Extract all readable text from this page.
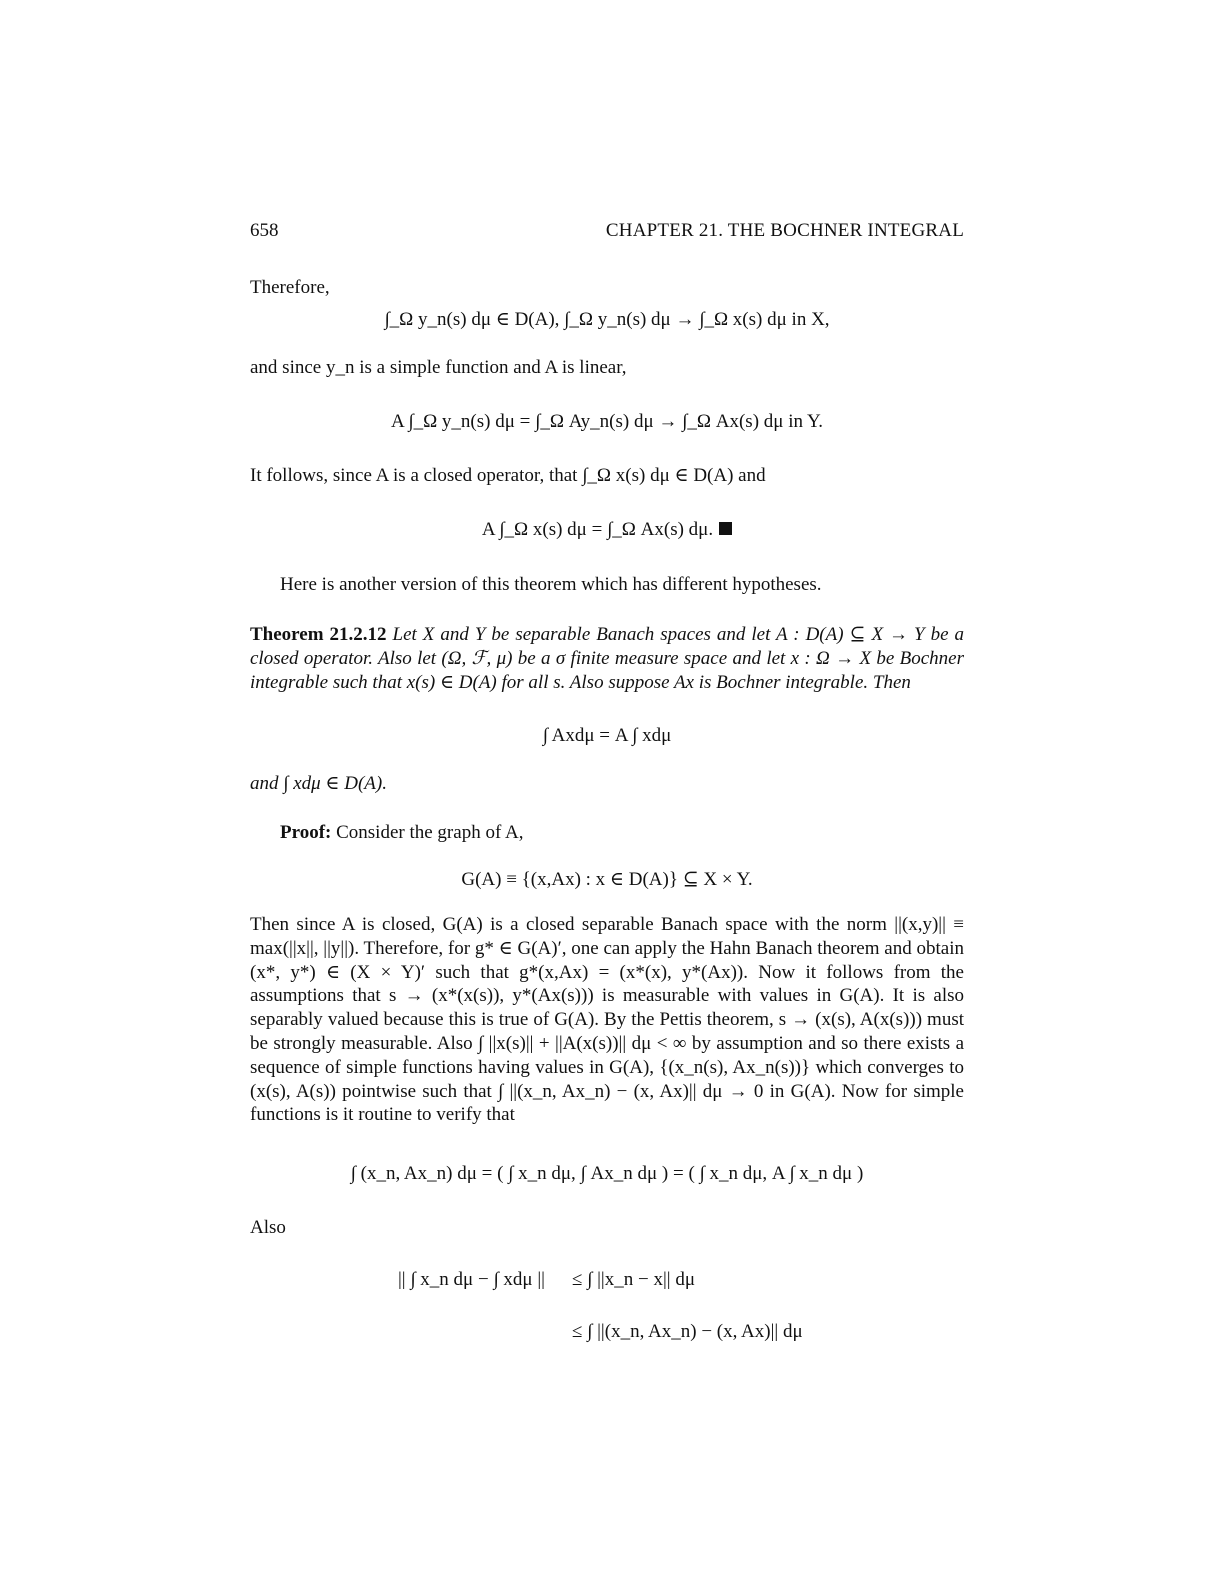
658	CHAPTER 21. THE BOCHNER INTEGRAL
Therefore,
∫_Ω y_n(s) dμ ∈ D(A), ∫_Ω y_n(s) dμ → ∫_Ω x(s) dμ in X,
and since y_n is a simple function and A is linear,
A ∫_Ω y_n(s) dμ = ∫_Ω Ay_n(s) dμ → ∫_Ω Ax(s) dμ in Y.
It follows, since A is a closed operator, that ∫_Ω x(s) dμ ∈ D(A) and
A ∫_Ω x(s) dμ = ∫_Ω Ax(s) dμ.
Here is another version of this theorem which has different hypotheses.
Theorem 21.2.12 Let X and Y be separable Banach spaces and let A : D(A) ⊆ X → Y be a closed operator. Also let (Ω, ℱ, μ) be a σ finite measure space and let x : Ω → X be Bochner integrable such that x(s) ∈ D(A) for all s. Also suppose Ax is Bochner integrable. Then
∫ Axdμ = A ∫ xdμ
and ∫ xdμ ∈ D(A).
Proof: Consider the graph of A,
G(A) ≡ {(x,Ax) : x ∈ D(A)} ⊆ X × Y.
Then since A is closed, G(A) is a closed separable Banach space with the norm ||(x,y)|| ≡ max(||x||, ||y||). Therefore, for g* ∈ G(A)′, one can apply the Hahn Banach theorem and obtain (x*, y*) ∈ (X × Y)′ such that g*(x,Ax) = (x*(x), y*(Ax)). Now it follows from the assumptions that s → (x*(x(s)), y*(Ax(s))) is measurable with values in G(A). It is also separably valued because this is true of G(A). By the Pettis theorem, s → (x(s), A(x(s))) must be strongly measurable. Also ∫ ||x(s)|| + ||A(x(s))|| dμ < ∞ by assumption and so there exists a sequence of simple functions having values in G(A), {(x_n(s), Ax_n(s))} which converges to (x(s), A(s)) pointwise such that ∫ ||(x_n, Ax_n) − (x, Ax)|| dμ → 0 in G(A). Now for simple functions is it routine to verify that
∫ (x_n, Ax_n) dμ = ( ∫ x_n dμ, ∫ Ax_n dμ ) = ( ∫ x_n dμ, A ∫ x_n dμ )
Also
|| ∫ x_n dμ − ∫ xdμ || ≤ ∫ ||x_n − x|| dμ
≤ ∫ ||(x_n, Ax_n) − (x, Ax)|| dμ
